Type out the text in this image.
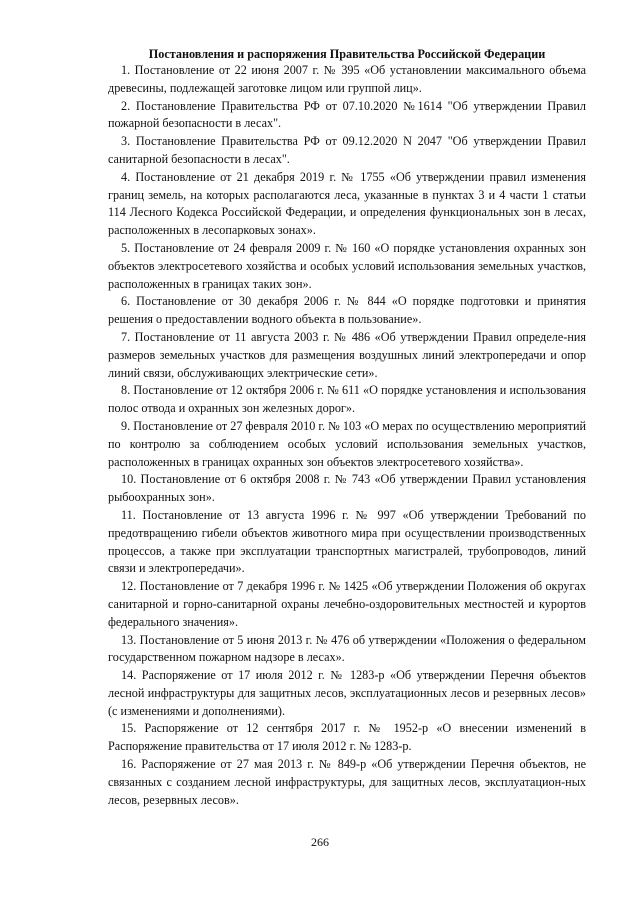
Постановления и распоряжения Правительства Российской Федерации

1. Постановление от 22 июня 2007 г. № 395 «Об установлении максимального объема древесины, подлежащей заготовке лицом или группой лиц».

2. Постановление Правительства РФ от 07.10.2020 №1614 "Об утверждении Правил пожарной безопасности в лесах".

3. Постановление Правительства РФ от 09.12.2020 N 2047 "Об утверждении Правил санитарной безопасности в лесах".

4. Постановление от 21 декабря 2019 г. № 1755 «Об утверждении правил изменения границ земель, на которых располагаются леса, указанные в пунктах 3 и 4 части 1 статьи 114 Лесного Кодекса Российской Федерации, и определения функциональных зон в лесах, расположенных в лесопарковых зонах».

5. Постановление от 24 февраля 2009 г. № 160 «О порядке установления охранных зон объектов электросетевого хозяйства и особых условий использования земельных участков, расположенных в границах таких зон».

6. Постановление от 30 декабря 2006 г. № 844 «О порядке подготовки и принятия решения о предоставлении водного объекта в пользование».

7. Постановление от 11 августа 2003 г. № 486 «Об утверждении Правил определе-ния размеров земельных участков для размещения воздушных линий электропередачи и опор линий связи, обслуживающих электрические сети».

8. Постановление от 12 октября 2006 г. № 611 «О порядке установления и использования полос отвода и охранных зон железных дорог».

9. Постановление от 27 февраля 2010 г. № 103 «О мерах по осуществлению мероприятий по контролю за соблюдением особых условий использования земельных участков, расположенных в границах охранных зон объектов электросетевого хозяйства».

10. Постановление от 6 октября 2008 г. № 743 «Об утверждении Правил установления рыбоохранных зон».

11. Постановление от 13 августа 1996 г. № 997 «Об утверждении Требований по предотвращению гибели объектов животного мира при осуществлении производственных процессов, а также при эксплуатации транспортных магистралей, трубопроводов, линий связи и электропередачи».

12. Постановление от 7 декабря 1996 г. № 1425 «Об утверждении Положения об округах санитарной и горно-санитарной охраны лечебно-оздоровительных местностей и курортов федерального значения».

13. Постановление от 5 июня 2013 г. № 476 об утверждении «Положения о федеральном государственном пожарном надзоре в лесах».

14. Распоряжение от 17 июля 2012 г. № 1283-р «Об утверждении Перечня объектов лесной инфраструктуры для защитных лесов, эксплуатационных лесов и резервных лесов» (с изменениями и дополнениями).

15. Распоряжение от 12 сентября 2017 г. № 1952-р «О внесении изменений в Распоряжение правительства от 17 июля 2012 г. № 1283-р.

16. Распоряжение от 27 мая 2013 г. № 849-р «Об утверждении Перечня объектов, не связанных с созданием лесной инфраструктуры, для защитных лесов, эксплуатацион-ных лесов, резервных лесов».

266
